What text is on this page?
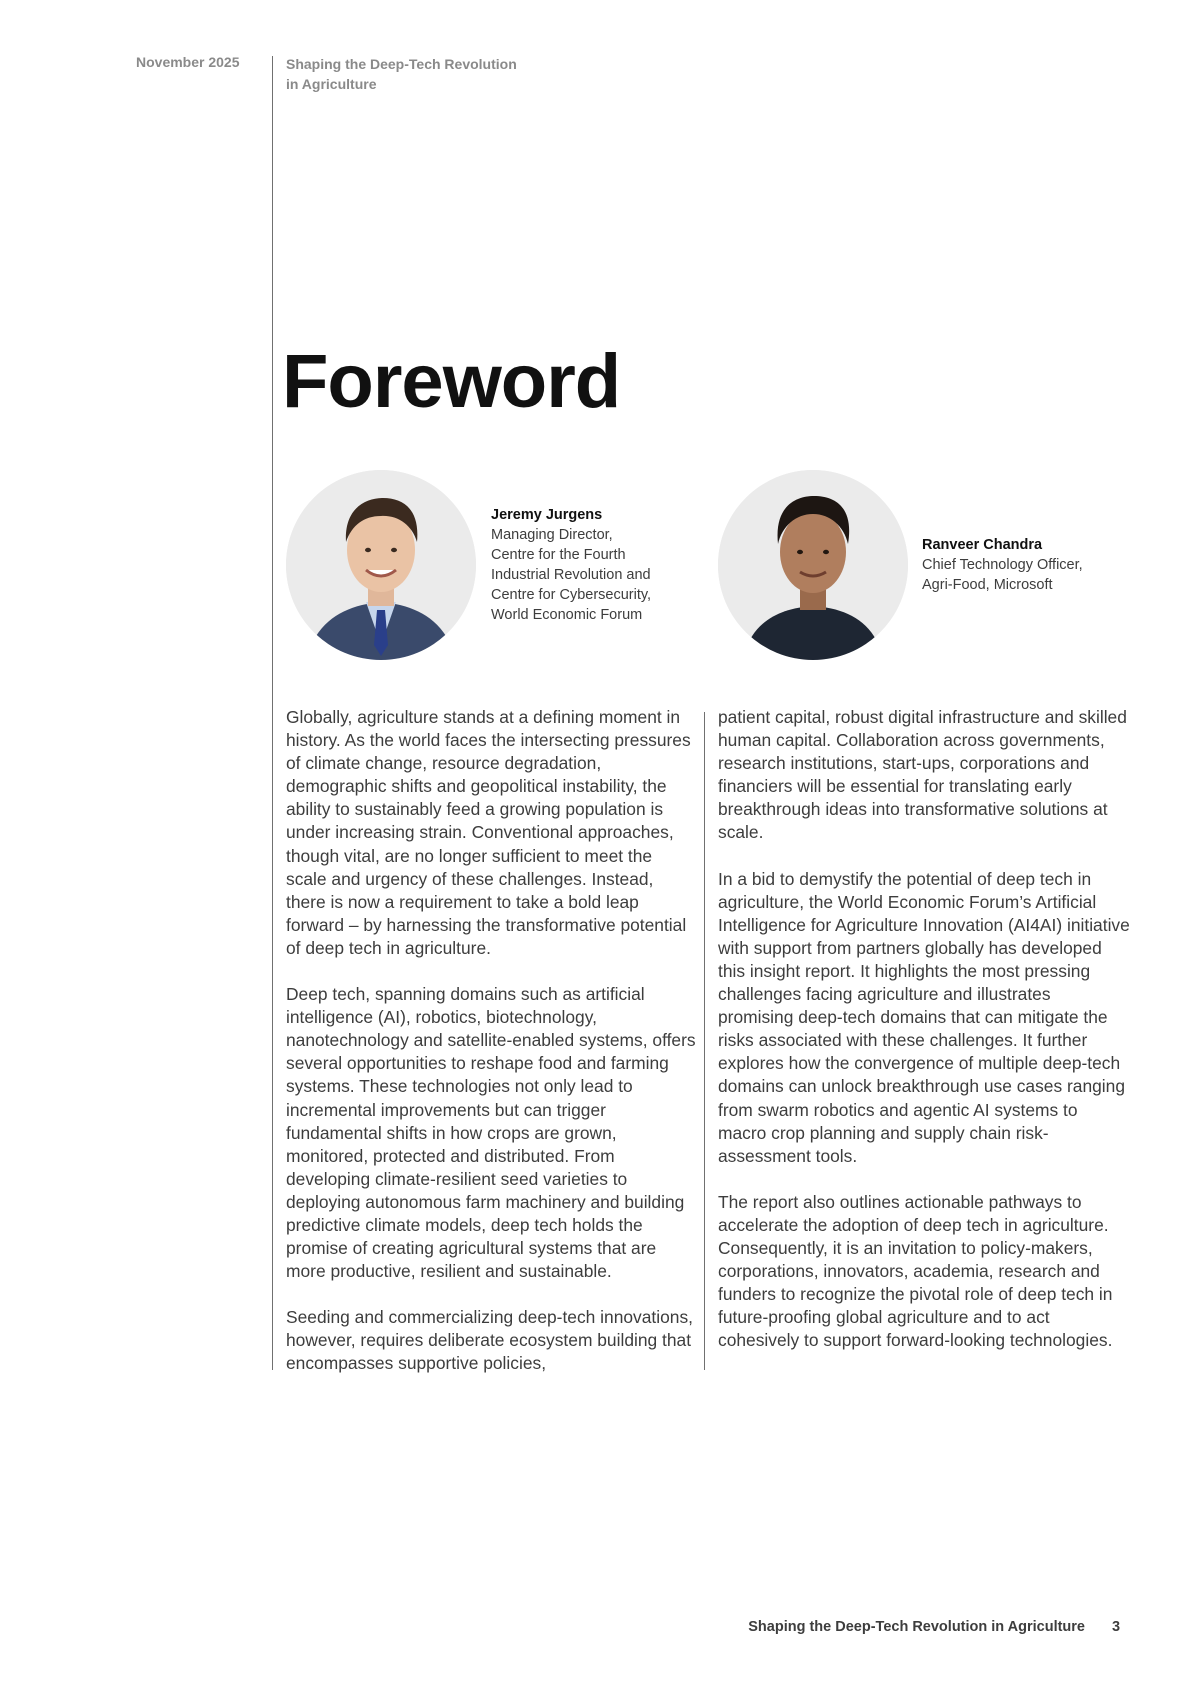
November 2025	Shaping the Deep-Tech Revolution
in Agriculture
Foreword
Jeremy Jurgens
Managing Director,
Centre for the Fourth
Industrial Revolution and
Centre for Cybersecurity,
World Economic Forum
Ranveer Chandra
Chief Technology Officer,
Agri-Food, Microsoft

Globally, agriculture stands at a defining moment in history. As the world faces the intersecting pressures of climate change, resource degradation, demographic shifts and geopolitical instability, the ability to sustainably feed a growing population is under increasing strain. Conventional approaches, though vital, are no longer sufficient to meet the scale and urgency of these challenges. Instead, there is now a requirement to take a bold leap forward – by harnessing the transformative potential of deep tech in agriculture.

Deep tech, spanning domains such as artificial intelligence (AI), robotics, biotechnology, nanotechnology and satellite-enabled systems, offers several opportunities to reshape food and farming systems. These technologies not only lead to incremental improvements but can trigger fundamental shifts in how crops are grown, monitored, protected and distributed. From developing climate-resilient seed varieties to deploying autonomous farm machinery and building predictive climate models, deep tech holds the promise of creating agricultural systems that are more productive, resilient and sustainable.

Seeding and commercializing deep-tech innovations, however, requires deliberate ecosystem building that encompasses supportive policies,

patient capital, robust digital infrastructure and skilled human capital. Collaboration across governments, research institutions, start-ups, corporations and financiers will be essential for translating early breakthrough ideas into transformative solutions at scale.

In a bid to demystify the potential of deep tech in agriculture, the World Economic Forum’s Artificial Intelligence for Agriculture Innovation (AI4AI) initiative with support from partners globally has developed this insight report. It highlights the most pressing challenges facing agriculture and illustrates promising deep-tech domains that can mitigate the risks associated with these challenges. It further explores how the convergence of multiple deep-tech domains can unlock breakthrough use cases ranging from swarm robotics and agentic AI systems to macro crop planning and supply chain risk-assessment tools.

The report also outlines actionable pathways to accelerate the adoption of deep tech in agriculture. Consequently, it is an invitation to policy-makers, corporations, innovators, academia, research and funders to recognize the pivotal role of deep tech in future-proofing global agriculture and to act cohesively to support forward-looking technologies.

Shaping the Deep-Tech Revolution in Agriculture 3
